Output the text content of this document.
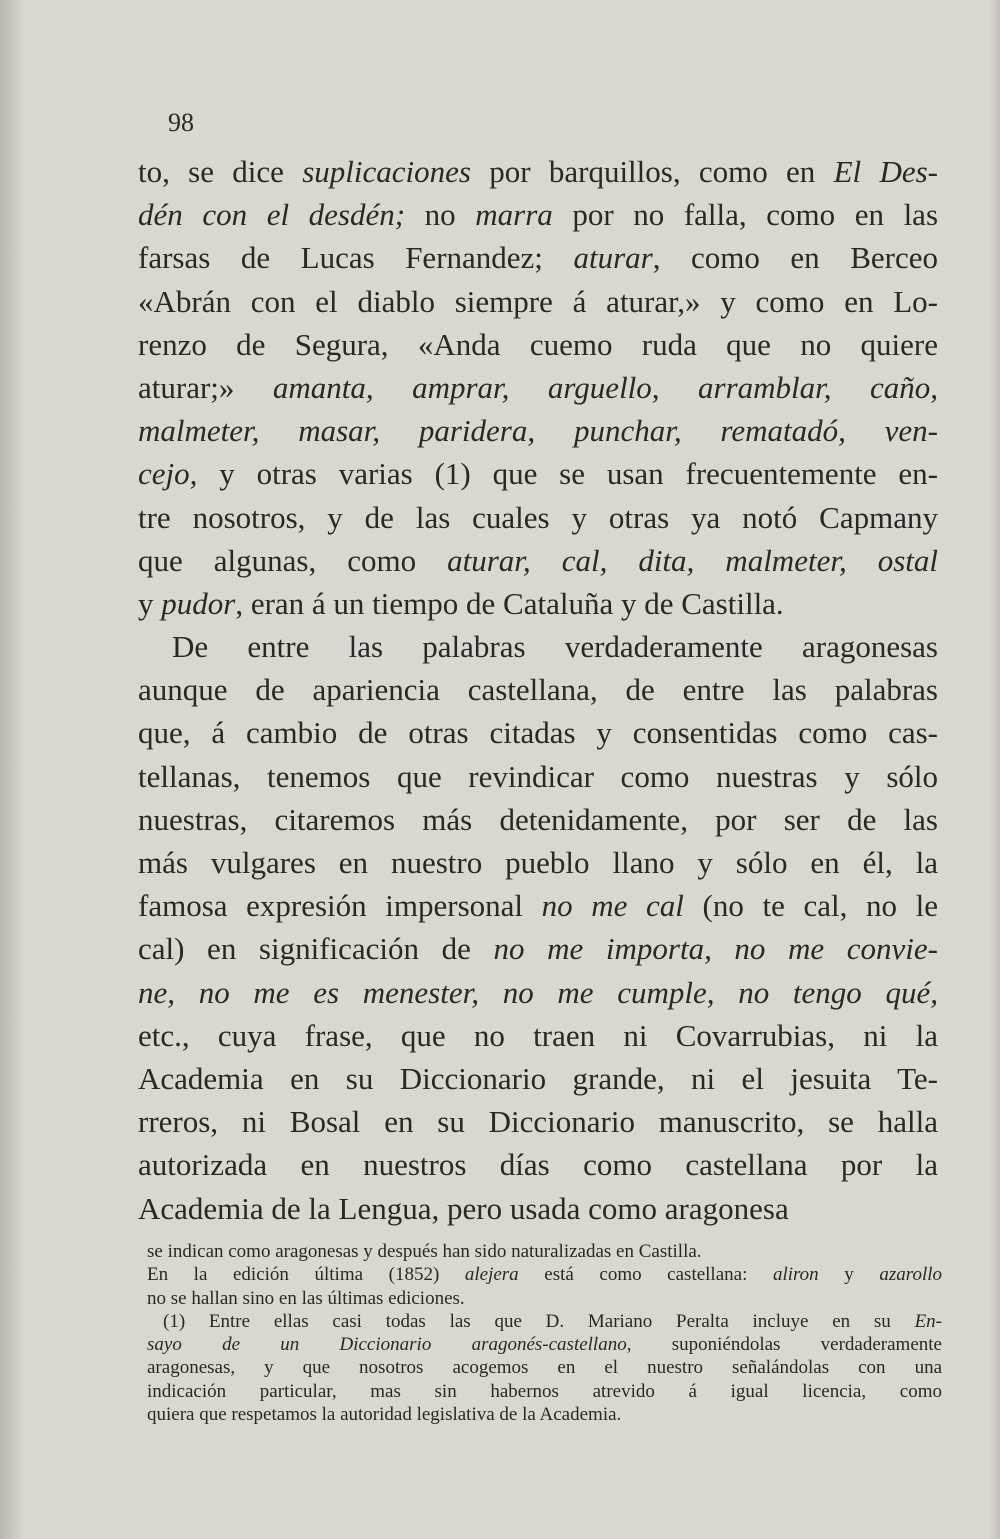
98
to, se dice suplicaciones por barquillos, como en El Des-
dén con el desdén; no marra por no falla, como en las
farsas de Lucas Fernandez; aturar, como en Berceo
«Abrán con el diablo siempre á aturar,» y como en Lo-
renzo de Segura, «Anda cuemo ruda que no quiere
aturar;» amanta, amprar, arguello, arramblar, caño,
malmeter, masar, paridera, punchar, rematadó, ven-
cejo, y otras varias (1) que se usan frecuentemente en-
tre nosotros, y de las cuales y otras ya notó Capmany
que algunas, como aturar, cal, dita, malmeter, ostal
y pudor, eran á un tiempo de Cataluña y de Castilla.
De entre las palabras verdaderamente aragonesas
aunque de apariencia castellana, de entre las palabras
que, á cambio de otras citadas y consentidas como cas-
tellanas, tenemos que revindicar como nuestras y sólo
nuestras, citaremos más detenidamente, por ser de las
más vulgares en nuestro pueblo llano y sólo en él, la
famosa expresión impersonal no me cal (no te cal, no le
cal) en significación de no me importa, no me convie-
ne, no me es menester, no me cumple, no tengo qué,
etc., cuya frase, que no traen ni Covarrubias, ni la
Academia en su Diccionario grande, ni el jesuita Te-
rreros, ni Bosal en su Diccionario manuscrito, se halla
autorizada en nuestros días como castellana por la
Academia de la Lengua, pero usada como aragonesa
se indican como aragonesas y después han sido naturalizadas en Castilla.
En la edición última (1852) alejera está como castellana: aliron y azarollo
no se hallan sino en las últimas ediciones.
(1) Entre ellas casi todas las que D. Mariano Peralta incluye en su En-
sayo de un Diccionario aragonés-castellano, suponiéndolas verdaderamente
aragonesas, y que nosotros acogemos en el nuestro señalándolas con una
indicación particular, mas sin habernos atrevido á igual licencia, como
quiera que respetamos la autoridad legislativa de la Academia.
